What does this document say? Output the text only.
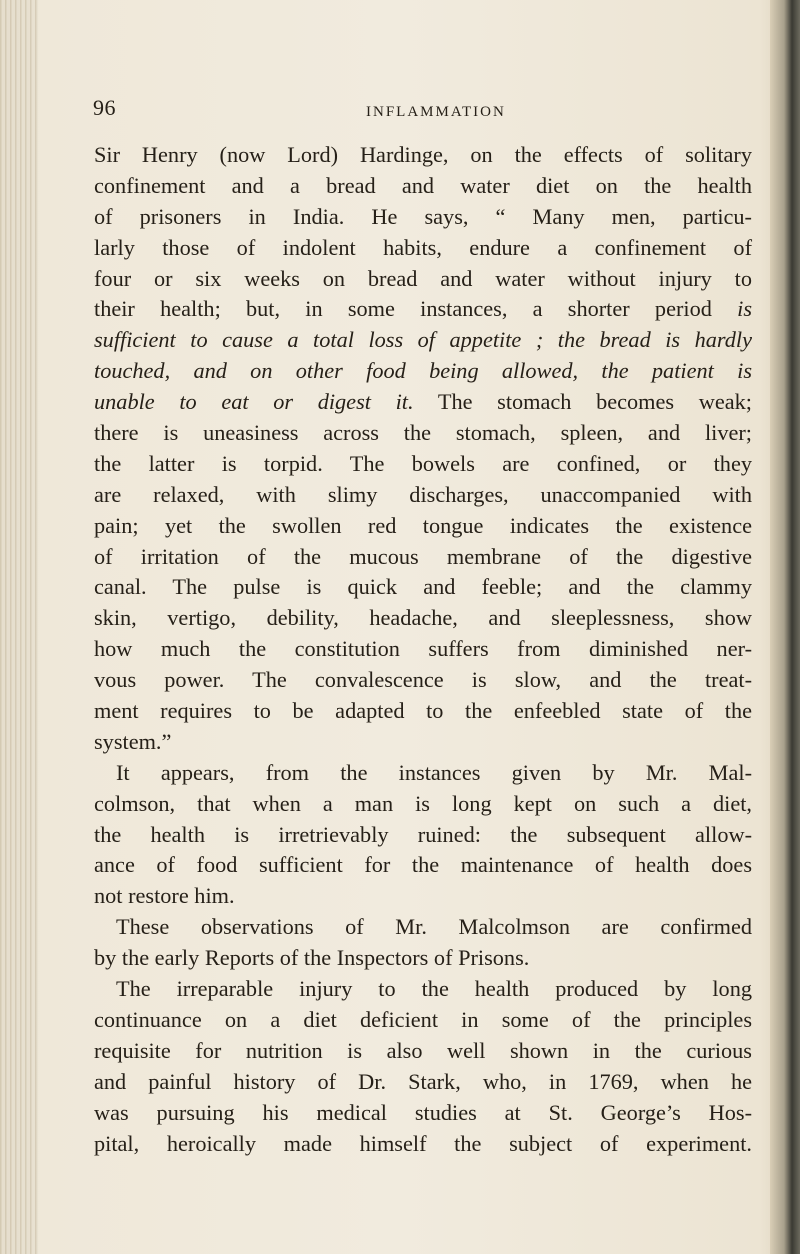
96	INFLAMMATION
Sir Henry (now Lord) Hardinge, on the effects of solitary
confinement and a bread and water diet on the health
of prisoners in India. He says, “ Many men, particu-
larly those of indolent habits, endure a confinement of
four or six weeks on bread and water without injury to
their health; but, in some instances, a shorter period is
sufficient to cause a total loss of appetite ; the bread is hardly
touched, and on other food being allowed, the patient is
unable to eat or digest it. The stomach becomes weak;
there is uneasiness across the stomach, spleen, and liver;
the latter is torpid. The bowels are confined, or they
are relaxed, with slimy discharges, unaccompanied with
pain; yet the swollen red tongue indicates the existence
of irritation of the mucous membrane of the digestive
canal. The pulse is quick and feeble; and the clammy
skin, vertigo, debility, headache, and sleeplessness, show
how much the constitution suffers from diminished ner-
vous power. The convalescence is slow, and the treat-
ment requires to be adapted to the enfeebled state of the
system.”
It appears, from the instances given by Mr. Mal-
colmson, that when a man is long kept on such a diet,
the health is irretrievably ruined: the subsequent allow-
ance of food sufficient for the maintenance of health does
not restore him.
These observations of Mr. Malcolmson are confirmed
by the early Reports of the Inspectors of Prisons.
The irreparable injury to the health produced by long
continuance on a diet deficient in some of the principles
requisite for nutrition is also well shown in the curious
and painful history of Dr. Stark, who, in 1769, when he
was pursuing his medical studies at St. George’s Hos-
pital, heroically made himself the subject of experiment.
